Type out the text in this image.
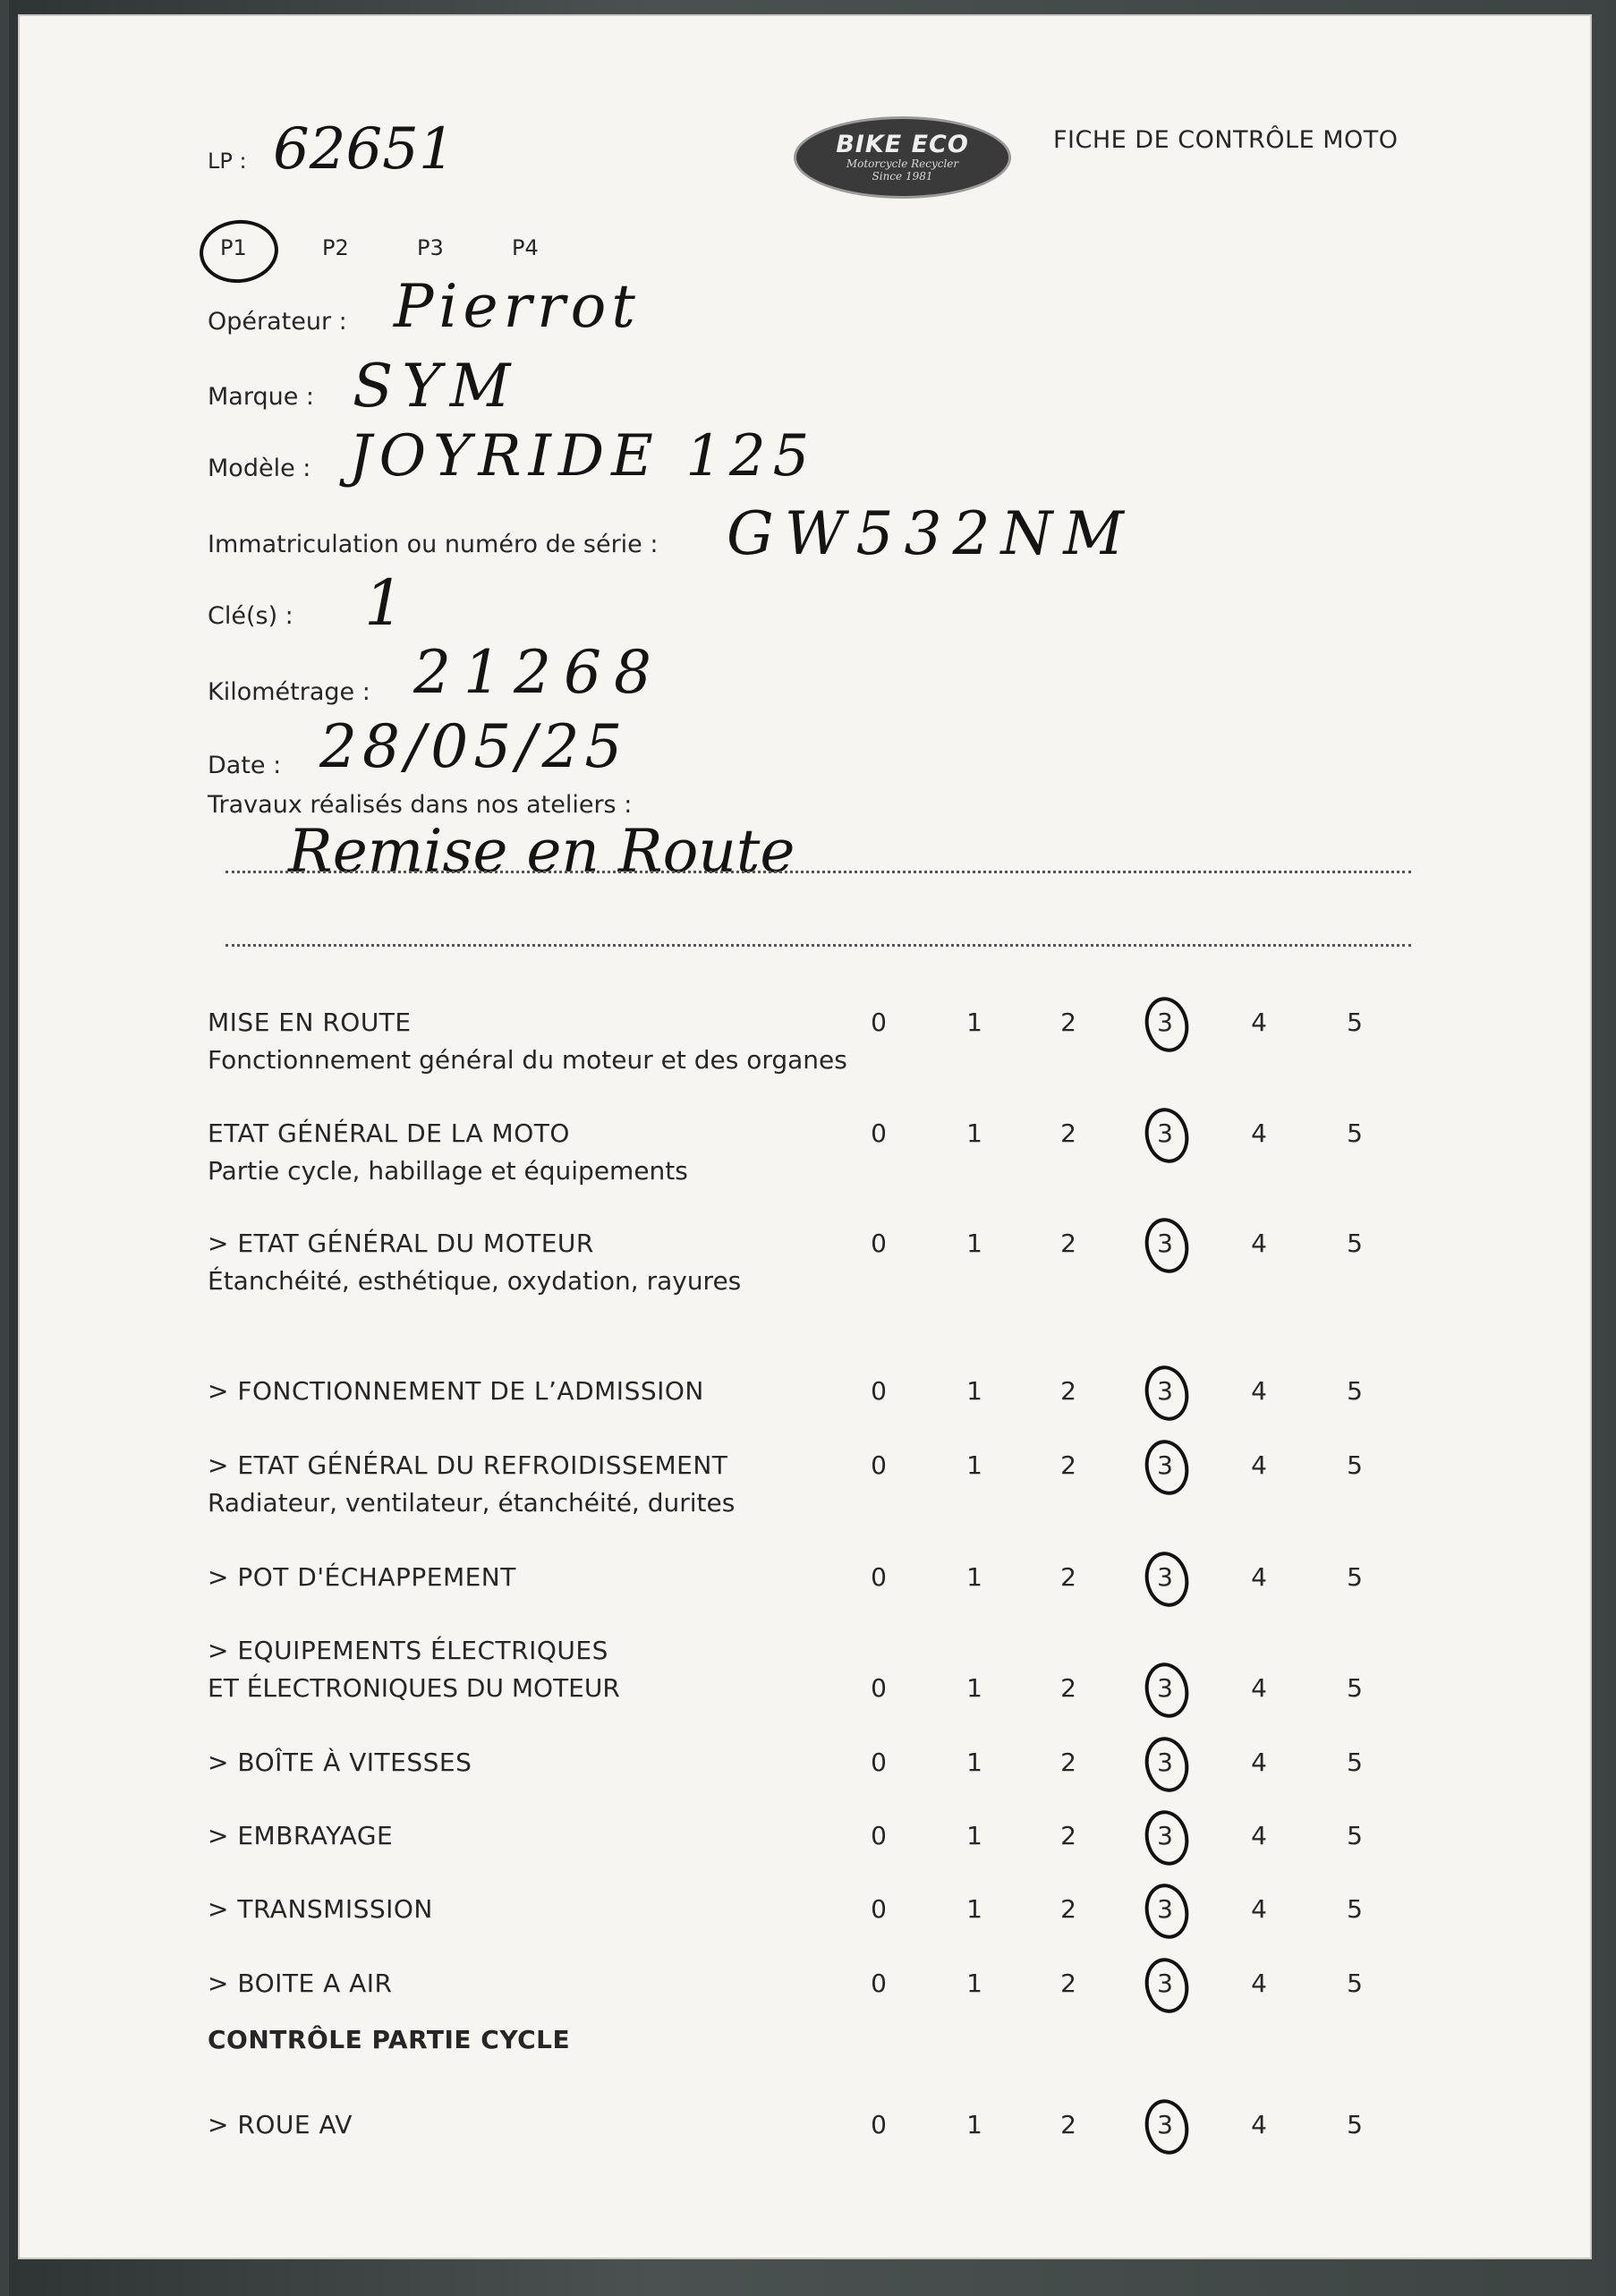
BIKE ECO
Motorcycle Recycler
Since 1981
FICHE DE CONTRÔLE MOTO
LP : 62651
P1	P2	P3	P4
Opérateur : Pierrot
Marque : SYM
Modèle : JOYRIDE 125
Immatriculation ou numéro de série : GW532NM
Clé(s) : 1
Kilométrage : 21268
Date : 28/05/25
Travaux réalisés dans nos ateliers :
Remise en Route
MISE EN ROUTE
Fonctionnement général du moteur et des organes
0	1	2	3	4	5
ETAT GÉNÉRAL DE LA MOTO
Partie cycle, habillage et équipements
0	1	2	3	4	5
> ETAT GÉNÉRAL DU MOTEUR
Étanchéité, esthétique, oxydation, rayures
0	1	2	3	4	5
> FONCTIONNEMENT DE L’ADMISSION	0	1	2	3	4	5
> ETAT GÉNÉRAL DU REFROIDISSEMENT
Radiateur, ventilateur, étanchéité, durites
0	1	2	3	4	5
> POT D'ÉCHAPPEMENT	0	1	2	3	4	5
> EQUIPEMENTS ÉLECTRIQUES
ET ÉLECTRONIQUES DU MOTEUR	0	1	2	3	4	5
> BOÎTE À VITESSES	0	1	2	3	4	5
> EMBRAYAGE	0	1	2	3	4	5
> TRANSMISSION	0	1	2	3	4	5
> BOITE A AIR	0	1	2	3	4	5
> ROUE AV	0	1	2	3	4	5
CONTRÔLE PARTIE CYCLE
